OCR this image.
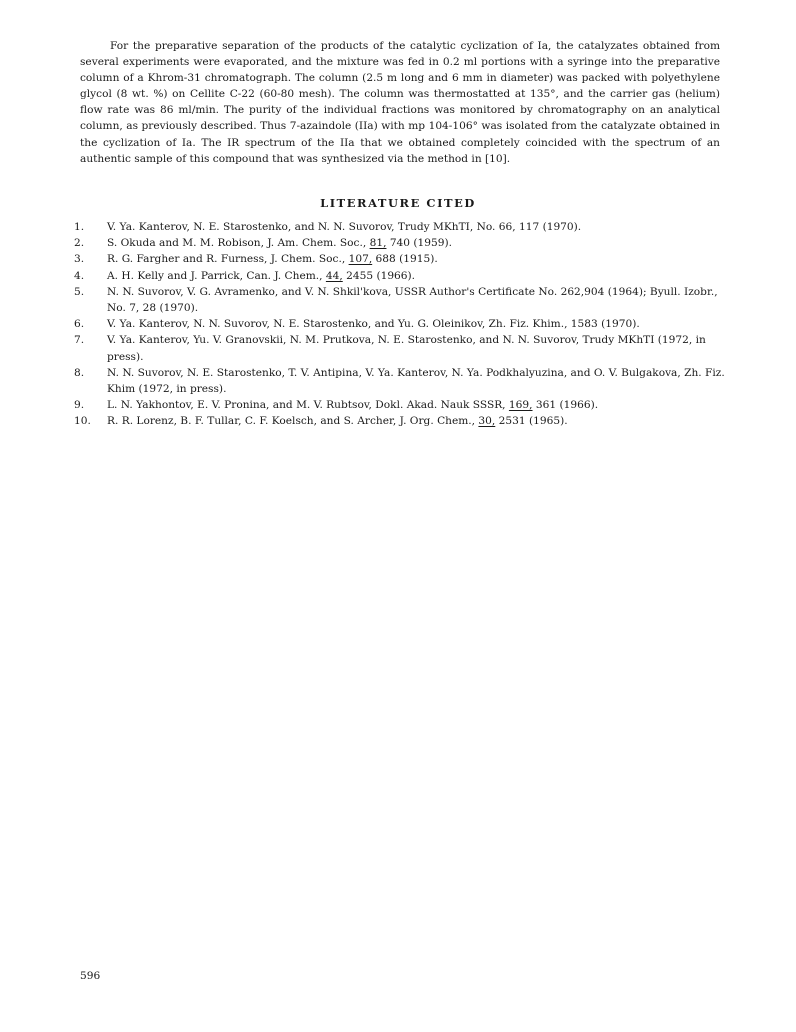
For the preparative separation of the products of the catalytic cyclization of Ia, the catalyzates obtained from several experiments were evaporated, and the mixture was fed in 0.2 ml portions with a syringe into the preparative column of a Khrom-31 chromatograph. The column (2.5 m long and 6 mm in diameter) was packed with polyethylene glycol (8 wt. %) on Cellite C-22 (60-80 mesh). The column was thermostatted at 135°, and the carrier gas (helium) flow rate was 86 ml/min. The purity of the individual fractions was monitored by chromatography on an analytical column, as previously described. Thus 7-azaindole (IIa) with mp 104-106° was isolated from the catalyzate obtained in the cyclization of Ia. The IR spectrum of the IIa that we obtained completely coincided with the spectrum of an authentic sample of this compound that was synthesized via the method in [10].

LITERATURE CITED
1.	V. Ya. Kanterov, N. E. Starostenko, and N. N. Suvorov, Trudy MKhTI, No. 66, 117 (1970).
2.	S. Okuda and M. M. Robison, J. Am. Chem. Soc., 81, 740 (1959).
3.	R. G. Fargher and R. Furness, J. Chem. Soc., 107, 688 (1915).
4.	A. H. Kelly and J. Parrick, Can. J. Chem., 44, 2455 (1966).
5.	N. N. Suvorov, V. G. Avramenko, and V. N. Shkil'kova, USSR Author's Certificate No. 262,904 (1964); Byull. Izobr., No. 7, 28 (1970).
6.	V. Ya. Kanterov, N. N. Suvorov, N. E. Starostenko, and Yu. G. Oleinikov, Zh. Fiz. Khim., 1583 (1970).
7.	V. Ya. Kanterov, Yu. V. Granovskii, N. M. Prutkova, N. E. Starostenko, and N. N. Suvorov, Trudy MKhTI (1972, in press).
8.	N. N. Suvorov, N. E. Starostenko, T. V. Antipina, V. Ya. Kanterov, N. Ya. Podkhalyuzina, and O. V. Bulgakova, Zh. Fiz. Khim (1972, in press).
9.	L. N. Yakhontov, E. V. Pronina, and M. V. Rubtsov, Dokl. Akad. Nauk SSSR, 169, 361 (1966).
10.	R. R. Lorenz, B. F. Tullar, C. F. Koelsch, and S. Archer, J. Org. Chem., 30, 2531 (1965).

596
